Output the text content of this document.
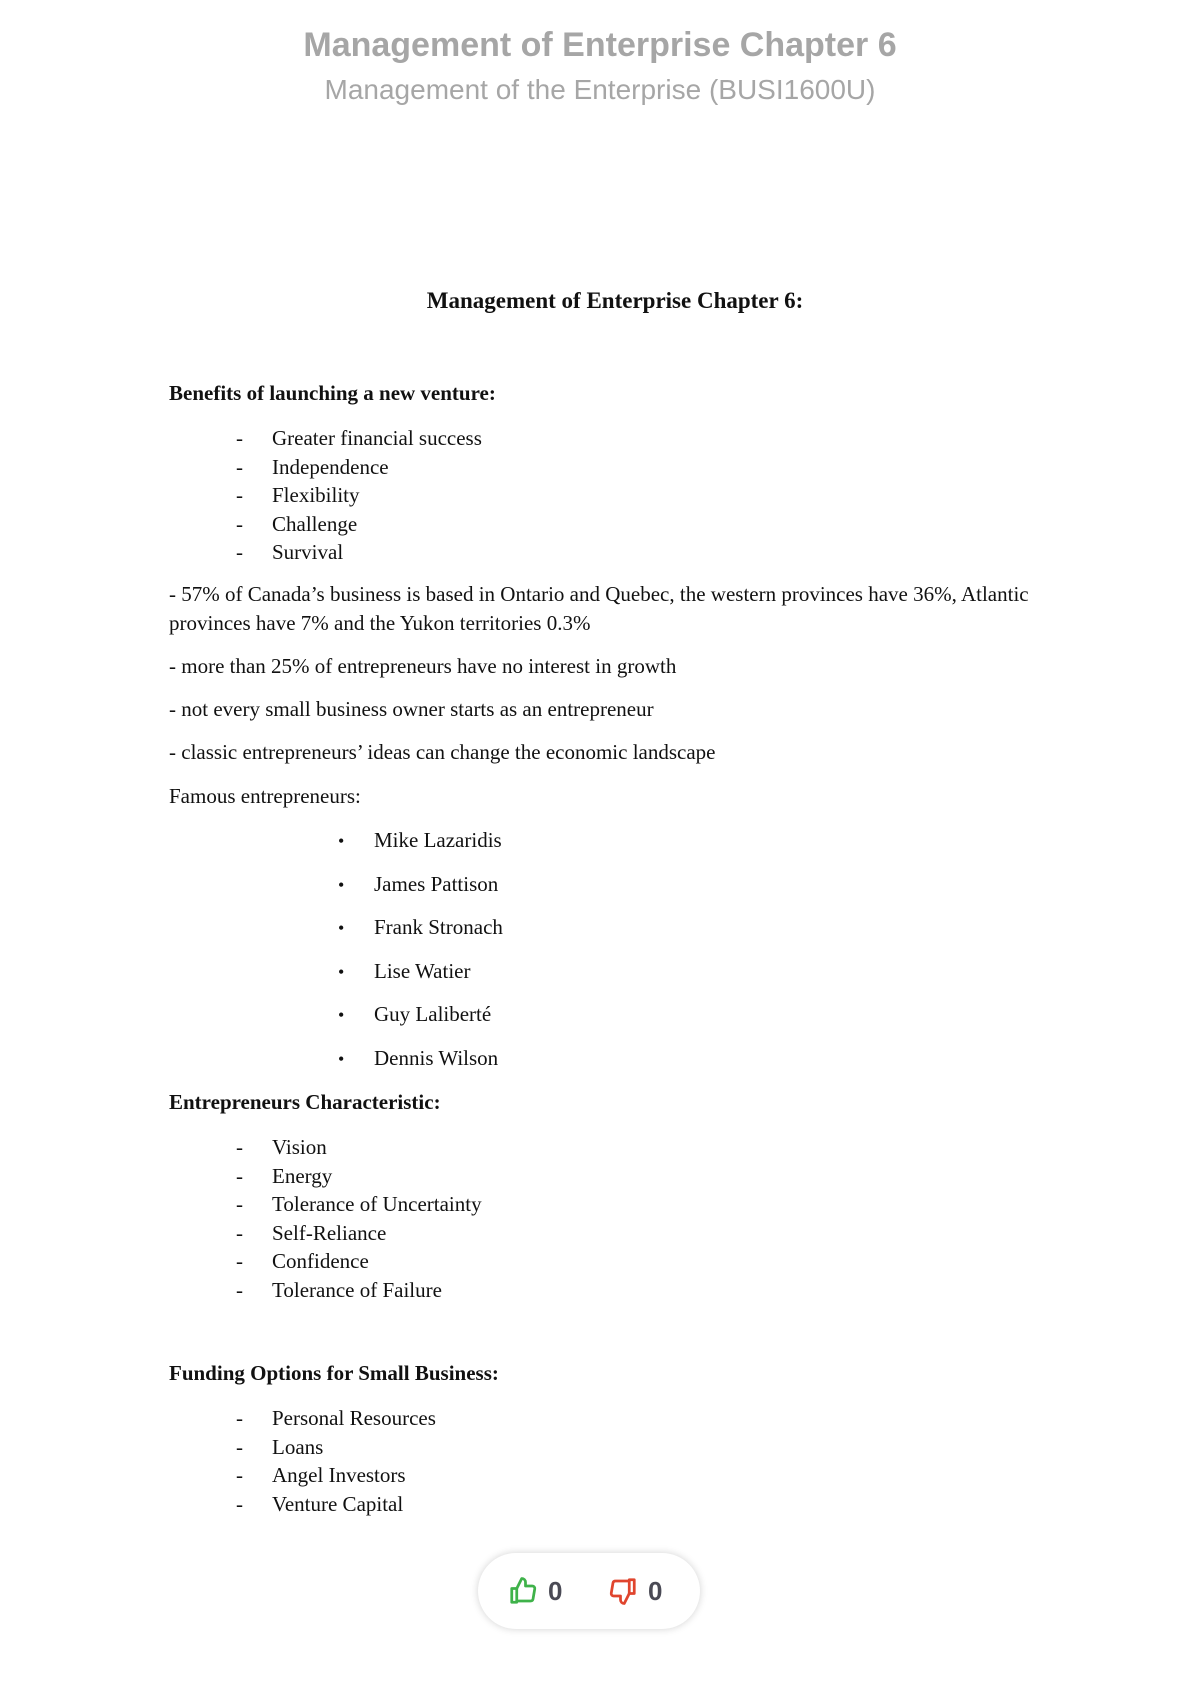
Management of Enterprise Chapter 6
Management of the Enterprise (BUSI1600U)
Management of Enterprise Chapter 6:
Benefits of launching a new venture:
- Greater financial success
- Independence
- Flexibility
- Challenge
- Survival
- 57% of Canada’s business is based in Ontario and Quebec, the western provinces have 36%, Atlantic provinces have 7% and the Yukon territories 0.3%
- more than 25% of entrepreneurs have no interest in growth
- not every small business owner starts as an entrepreneur
- classic entrepreneurs’ ideas can change the economic landscape
Famous entrepreneurs:
• Mike Lazaridis
• James Pattison
• Frank Stronach
• Lise Watier
• Guy Laliberté
• Dennis Wilson
Entrepreneurs Characteristic:
- Vision
- Energy
- Tolerance of Uncertainty
- Self-Reliance
- Confidence
- Tolerance of Failure
Funding Options for Small Business:
- Personal Resources
- Loans
- Angel Investors
- Venture Capital
0	0
